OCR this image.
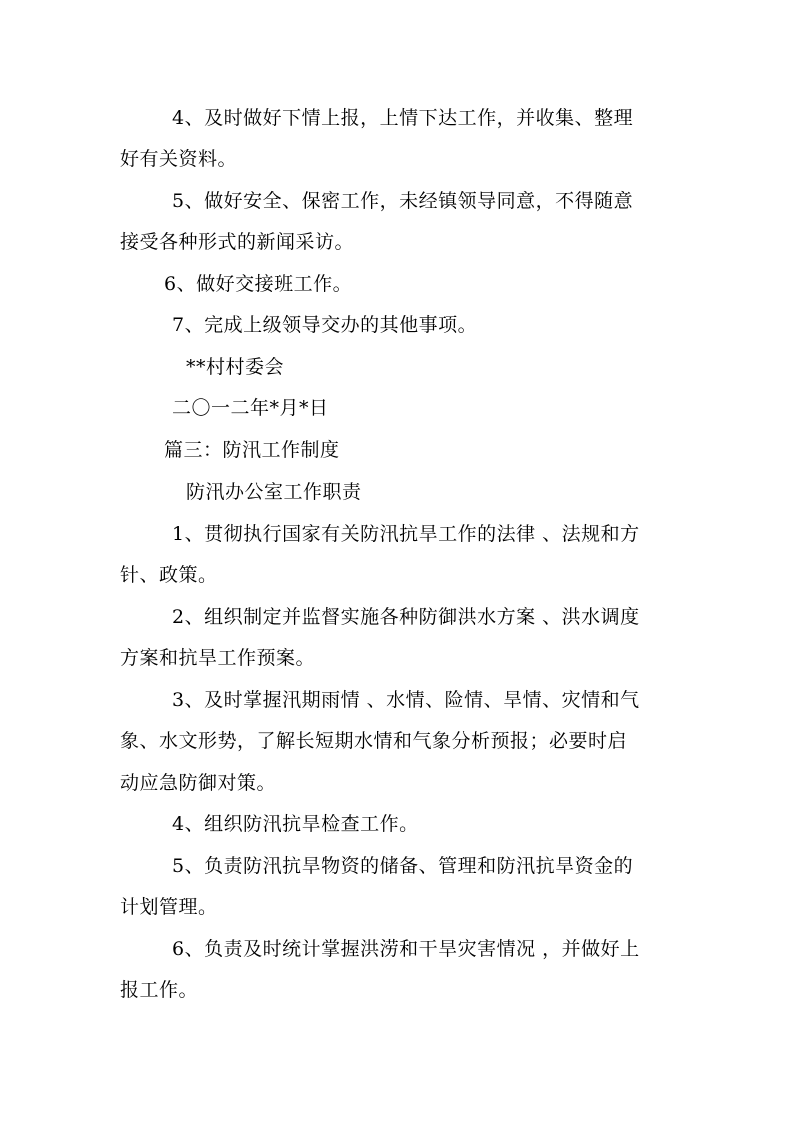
4、及时做好下情上报，上情下达工作，并收集、整理
好有关资料。
5、做好安全、保密工作，未经镇领导同意，不得随意
接受各种形式的新闻采访。
6、做好交接班工作。
7、完成上级领导交办的其他事项。
**村村委会
二〇一二年*月*日
篇三：防汛工作制度
防汛办公室工作职责
1、贯彻执行国家有关防汛抗旱工作的法律 、法规和方
针、政策。
2、组织制定并监督实施各种防御洪水方案 、洪水调度
方案和抗旱工作预案。
3、及时掌握汛期雨情 、水情、险情、旱情、灾情和气
象、水文形势，了解长短期水情和气象分析预报；必要时启
动应急防御对策。
4、组织防汛抗旱检查工作。
5、负责防汛抗旱物资的储备、管理和防汛抗旱资金的
计划管理。
6、负责及时统计掌握洪涝和干旱灾害情况 ，并做好上
报工作。
